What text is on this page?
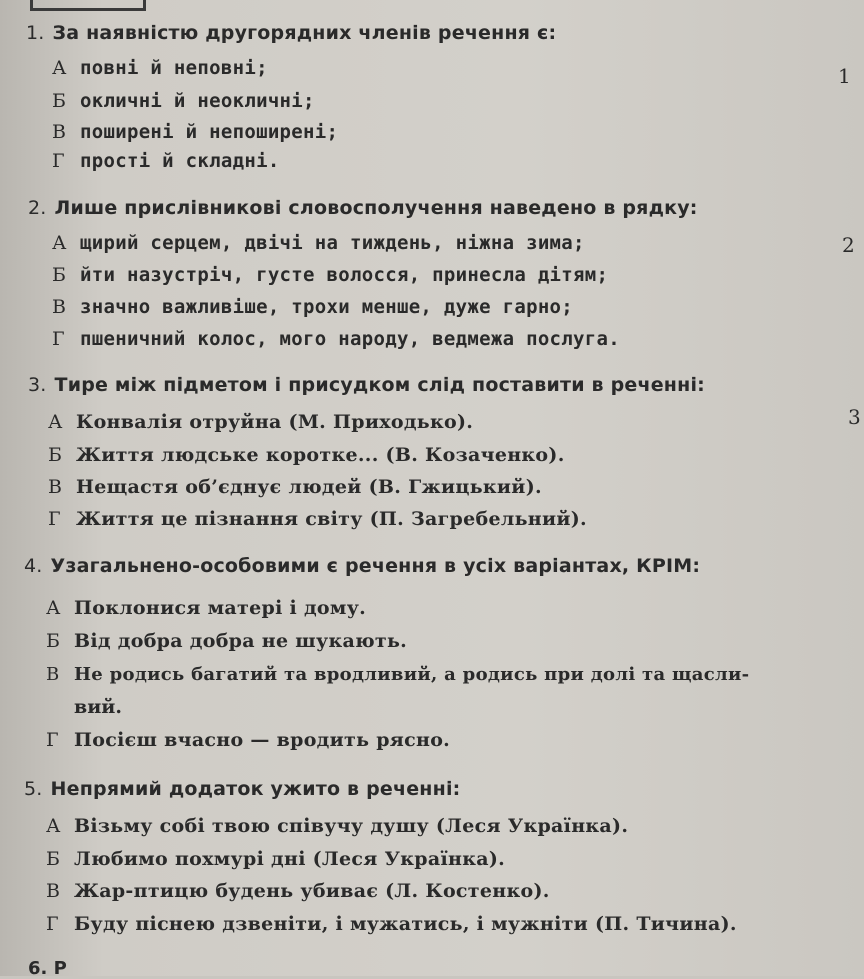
1. За наявністю другорядних членів речення є:
А повні й неповні;
Б окличні й неокличні;
В поширені й непоширені;
Г прості й складні.
1
2. Лише прислівникові словосполучення наведено в рядку:
А щирий серцем, двічі на тиждень, ніжна зима;
Б йти назустріч, густе волосся, принесла дітям;
В значно важливіше, трохи менше, дуже гарно;
Г пшеничний колос, мого народу, ведмежа послуга.
2
3. Тире між підметом і присудком слід поставити в реченні:
А Конвалія отруйна (М. Приходько).
Б Життя людське коротке... (В. Козаченко).
В Нещастя об’єднує людей (В. Гжицький).
Г Життя це пізнання світу (П. Загребельний).
3
4. Узагальнено-особовими є речення в усіх варіантах, КРІМ:
А Поклонися матері і дому.
Б Від добра добра не шукають.
В Не родись багатий та вродливий, а родись при долі та щасли-
вий.
Г Посієш вчасно — вродить рясно.
5. Непрямий додаток ужито в реченні:
А Візьму собі твою співучу душу (Леся Українка).
Б Любимо похмурі дні (Леся Українка).
В Жар-птицю будень убиває (Л. Костенко).
Г Буду піснею дзвеніти, і мужатись, і мужніти (П. Тичина).
6. Р
